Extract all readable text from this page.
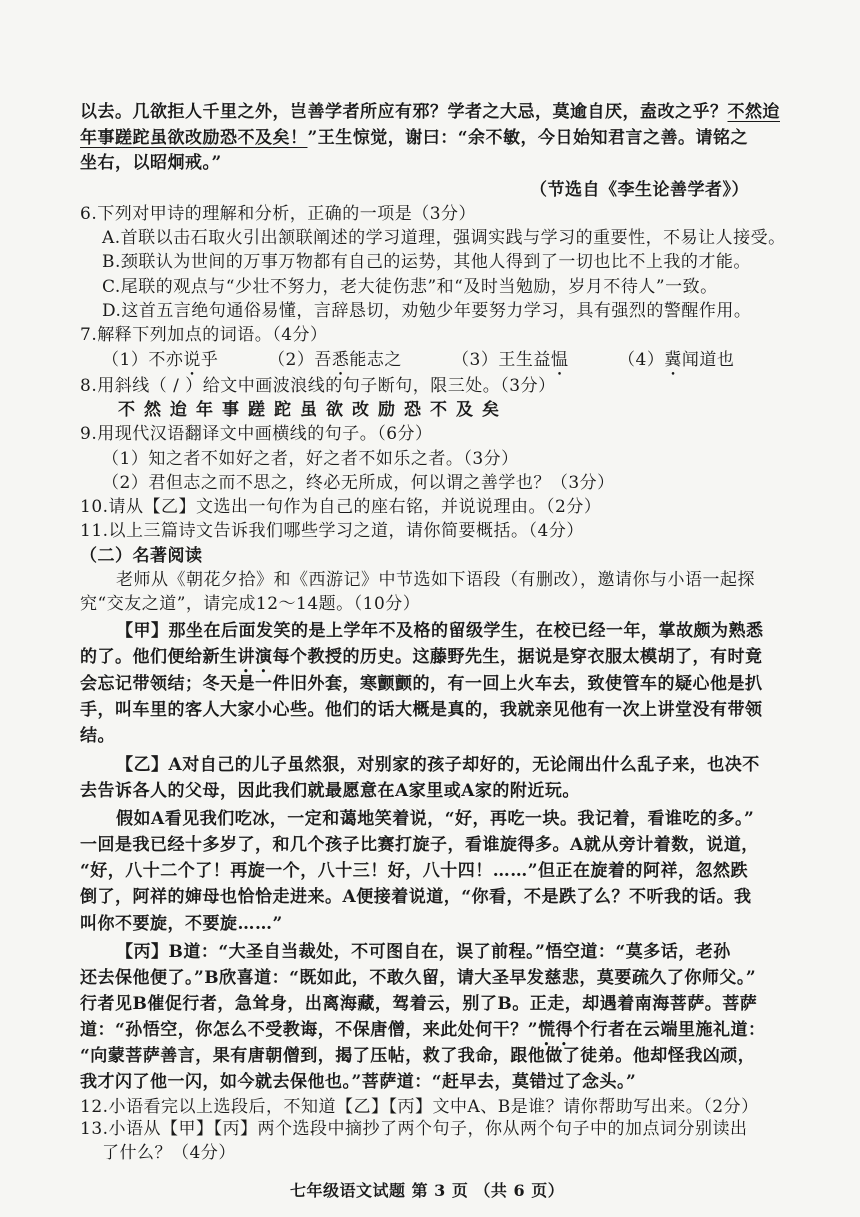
以去。几欲拒人千里之外，岂善学者所应有邪？学者之大忌，莫逾自厌，盍改之乎？不然迨
年事蹉跎虽欲改励恐不及矣！”王生惊觉，谢曰：“余不敏，今日始知君言之善。请铭之
坐右，以昭炯戒。”
（节选自《李生论善学者》）
6.下列对甲诗的理解和分析，正确的一项是（3分）
A.首联以击石取火引出颔联阐述的学习道理，强调实践与学习的重要性，不易让人接受。
B.颈联认为世间的万事万物都有自己的运势，其他人得到了一切也比不上我的才能。
C.尾联的观点与“少壮不努力，老大徒伤悲”和“及时当勉励，岁月不待人”一致。
D.这首五言绝句通俗易懂，言辞恳切，劝勉少年要努力学习，具有强烈的警醒作用。
7.解释下列加点的词语。（4分）
（1）不亦说乎	（2）吾悉能志之	（3）王生益愠	（4）冀闻道也
8.用斜线（ / ）给文中画波浪线的句子断句，限三处。（3分）
不然迨年事蹉跎虽欲改励恐不及矣
9.用现代汉语翻译文中画横线的句子。（6分）
（1）知之者不如好之者，好之者不如乐之者。（3分）
（2）君但志之而不思之，终必无所成，何以谓之善学也？（3分）
10.请从【乙】文选出一句作为自己的座右铭，并说说理由。（2分）
11.以上三篇诗文告诉我们哪些学习之道，请你简要概括。（4分）
（二）名著阅读
老师从《朝花夕拾》和《西游记》中节选如下语段（有删改），邀请你与小语一起探
究“交友之道”，请完成12～14题。（10分）
【甲】那坐在后面发笑的是上学年不及格的留级学生，在校已经一年，掌故颇为熟悉
的了。他们便给新生讲演每个教授的历史。这藤野先生，据说是穿衣服太模胡了，有时竟
会忘记带领结；冬天是一件旧外套，寒颤颤的，有一回上火车去，致使管车的疑心他是扒
手，叫车里的客人大家小心些。他们的话大概是真的，我就亲见他有一次上讲堂没有带领
结。
【乙】A对自己的儿子虽然狠，对别家的孩子却好的，无论闹出什么乱子来，也决不
去告诉各人的父母，因此我们就最愿意在A家里或A家的附近玩。
假如A看见我们吃冰，一定和蔼地笑着说，“好，再吃一块。我记着，看谁吃的多。”
一回是我已经十多岁了，和几个孩子比赛打旋子，看谁旋得多。A就从旁计着数，说道，
“好，八十二个了！再旋一个，八十三！好，八十四！……”但正在旋着的阿祥，忽然跌
倒了，阿祥的婶母也恰恰走进来。A便接着说道，“你看，不是跌了么？不听我的话。我
叫你不要旋，不要旋……”
【丙】B道：“大圣自当裁处，不可图自在，误了前程。”悟空道：“莫多话，老孙
还去保他便了。”B欣喜道：“既如此，不敢久留，请大圣早发慈悲，莫要疏久了你师父。”
行者见B催促行者，急耸身，出离海藏，驾着云，别了B。正走，却遇着南海菩萨。菩萨
道：“孙悟空，你怎么不受教诲，不保唐僧，来此处何干？”慌得个行者在云端里施礼道：
“向蒙菩萨善言，果有唐朝僧到，揭了压帖，救了我命，跟他做了徒弟。他却怪我凶顽，
我才闪了他一闪，如今就去保他也。”菩萨道：“赶早去，莫错过了念头。”
12.小语看完以上选段后，不知道【乙】【丙】文中A、B是谁？请你帮助写出来。（2分）
13.小语从【甲】【丙】两个选段中摘抄了两个句子，你从两个句子中的加点词分别读出
七年级语文试题 第 3 页 （共 6 页）
了什么？（4分）
